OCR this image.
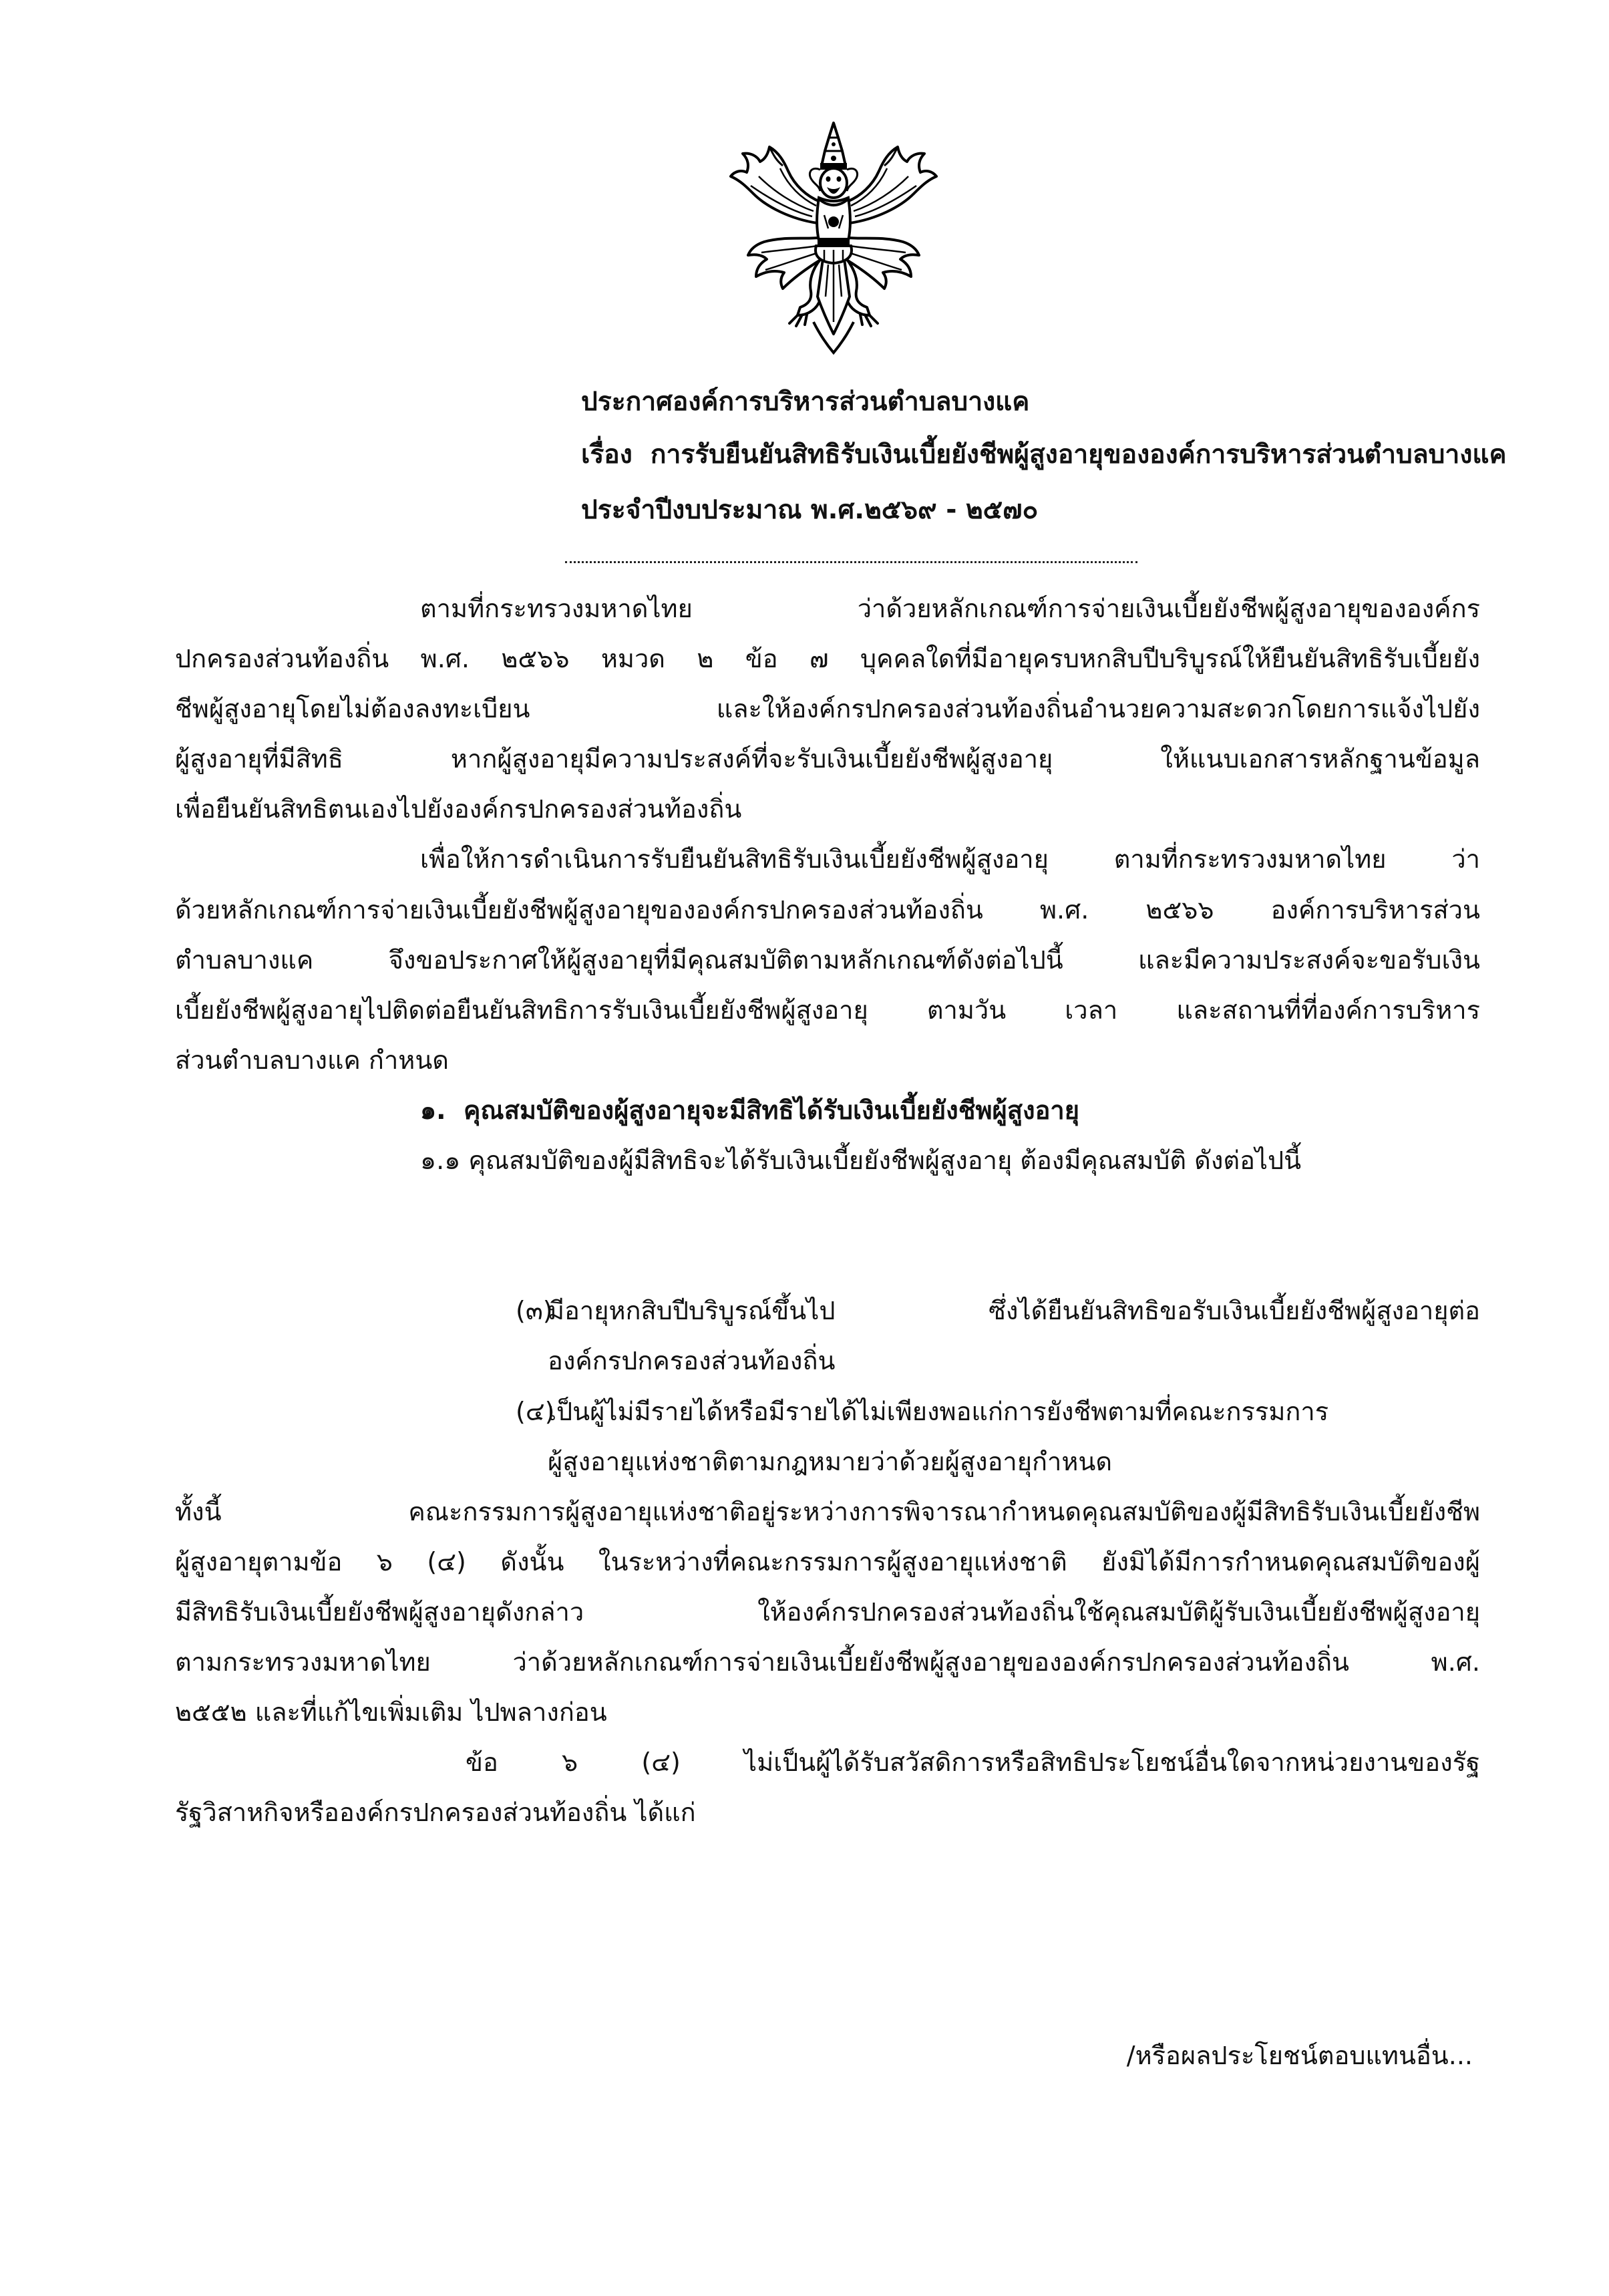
ประกาศองค์การบริหารส่วนตำบลบางแค
เรื่อง  การรับยืนยันสิทธิรับเงินเบี้ยยังชีพผู้สูงอายุขององค์การบริหารส่วนตำบลบางแค
ประจำปีงบประมาณ พ.ศ.๒๕๖๙ - ๒๕๗๐
ตามที่กระทรวงมหาดไทย ว่าด้วยหลักเกณฑ์การจ่ายเงินเบี้ยยังชีพผู้สูงอายุขององค์กร
ปกครองส่วนท้องถิ่น พ.ศ. ๒๕๖๖ หมวด ๒ ข้อ ๗ บุคคลใดที่มีอายุครบหกสิบปีบริบูรณ์ให้ยืนยันสิทธิรับเบี้ยยัง
ชีพผู้สูงอายุโดยไม่ต้องลงทะเบียน และให้องค์กรปกครองส่วนท้องถิ่นอำนวยความสะดวกโดยการแจ้งไปยัง
ผู้สูงอายุที่มีสิทธิ หากผู้สูงอายุมีความประสงค์ที่จะรับเงินเบี้ยยังชีพผู้สูงอายุ ให้แนบเอกสารหลักฐานข้อมูล
เพื่อยืนยันสิทธิตนเองไปยังองค์กรปกครองส่วนท้องถิ่น
เพื่อให้การดำเนินการรับยืนยันสิทธิรับเงินเบี้ยยังชีพผู้สูงอายุ ตามที่กระทรวงมหาดไทย ว่า
ด้วยหลักเกณฑ์การจ่ายเงินเบี้ยยังชีพผู้สูงอายุขององค์กรปกครองส่วนท้องถิ่น พ.ศ. ๒๕๖๖ องค์การบริหารส่วน
ตำบลบางแค จึงขอประกาศให้ผู้สูงอายุที่มีคุณสมบัติตามหลักเกณฑ์ดังต่อไปนี้ และมีความประสงค์จะขอรับเงิน
เบี้ยยังชีพผู้สูงอายุไปติดต่อยืนยันสิทธิการรับเงินเบี้ยยังชีพผู้สูงอายุ ตามวัน เวลา และสถานที่ที่องค์การบริหาร
ส่วนตำบลบางแค กำหนด
๑.  คุณสมบัติของผู้สูงอายุจะมีสิทธิได้รับเงินเบี้ยยังชีพผู้สูงอายุ
๑.๑ คุณสมบัติของผู้มีสิทธิจะได้รับเงินเบี้ยยังชีพผู้สูงอายุ ต้องมีคุณสมบัติ ดังต่อไปนี้

(๓)มีอายุหกสิบปีบริบูรณ์ขึ้นไป ซึ่งได้ยืนยันสิทธิขอรับเงินเบี้ยยังชีพผู้สูงอายุต่อ
องค์กรปกครองส่วนท้องถิ่น
(๔)เป็นผู้ไม่มีรายได้หรือมีรายได้ไม่เพียงพอแก่การยังชีพตามที่คณะกรรมการ
ผู้สูงอายุแห่งชาติตามกฎหมายว่าด้วยผู้สูงอายุกำหนด
ทั้งนี้ คณะกรรมการผู้สูงอายุแห่งชาติอยู่ระหว่างการพิจารณากำหนดคุณสมบัติของผู้มีสิทธิรับเงินเบี้ยยังชีพ
ผู้สูงอายุตามข้อ ๖ (๔) ดังนั้น ในระหว่างที่คณะกรรมการผู้สูงอายุแห่งชาติ ยังมิได้มีการกำหนดคุณสมบัติของผู้
มีสิทธิรับเงินเบี้ยยังชีพผู้สูงอายุดังกล่าว ให้องค์กรปกครองส่วนท้องถิ่นใช้คุณสมบัติผู้รับเงินเบี้ยยังชีพผู้สูงอายุ
ตามกระทรวงมหาดไทย ว่าด้วยหลักเกณฑ์การจ่ายเงินเบี้ยยังชีพผู้สูงอายุขององค์กรปกครองส่วนท้องถิ่น พ.ศ.
๒๕๕๒ และที่แก้ไขเพิ่มเติม ไปพลางก่อน
ข้อ ๖ (๔) ไม่เป็นผู้ได้รับสวัสดิการหรือสิทธิประโยชน์อื่นใดจากหน่วยงานของรัฐ
รัฐวิสาหกิจหรือองค์กรปกครองส่วนท้องถิ่น ได้แก่

/หรือผลประโยชน์ตอบแทนอื่น...
